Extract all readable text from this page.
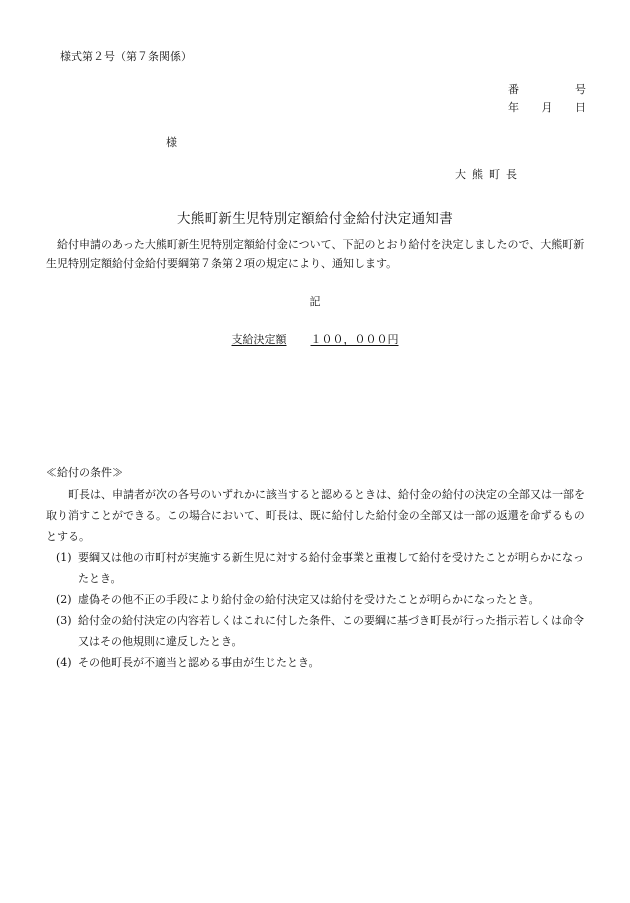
様式第２号（第７条関係）
番	号
年 月 日
様
大熊町長
大熊町新生児特別定額給付金給付決定通知書

給付申請のあった大熊町新生児特別定額給付金について、下記のとおり給付を決定しましたので、大熊町新生児特別定額給付金給付要綱第７条第２項の規定により、通知します。

記
支給決定額 １００，０００円
≪給付の条件≫

町長は、申請者が次の各号のいずれかに該当すると認めるときは、給付金の給付の決定の全部又は一部を取り消すことができる。この場合において、町長は、既に給付した給付金の全部又は一部の返還を命ずるものとする。

(1) 要綱又は他の市町村が実施する新生児に対する給付金事業と重複して給付を受けたことが明らかになったとき。
(2) 虚偽その他不正の手段により給付金の給付決定又は給付を受けたことが明らかになったとき。
(3) 給付金の給付決定の内容若しくはこれに付した条件、この要綱に基づき町長が行った指示若しくは命令又はその他規則に違反したとき。
(4) その他町長が不適当と認める事由が生じたとき。
